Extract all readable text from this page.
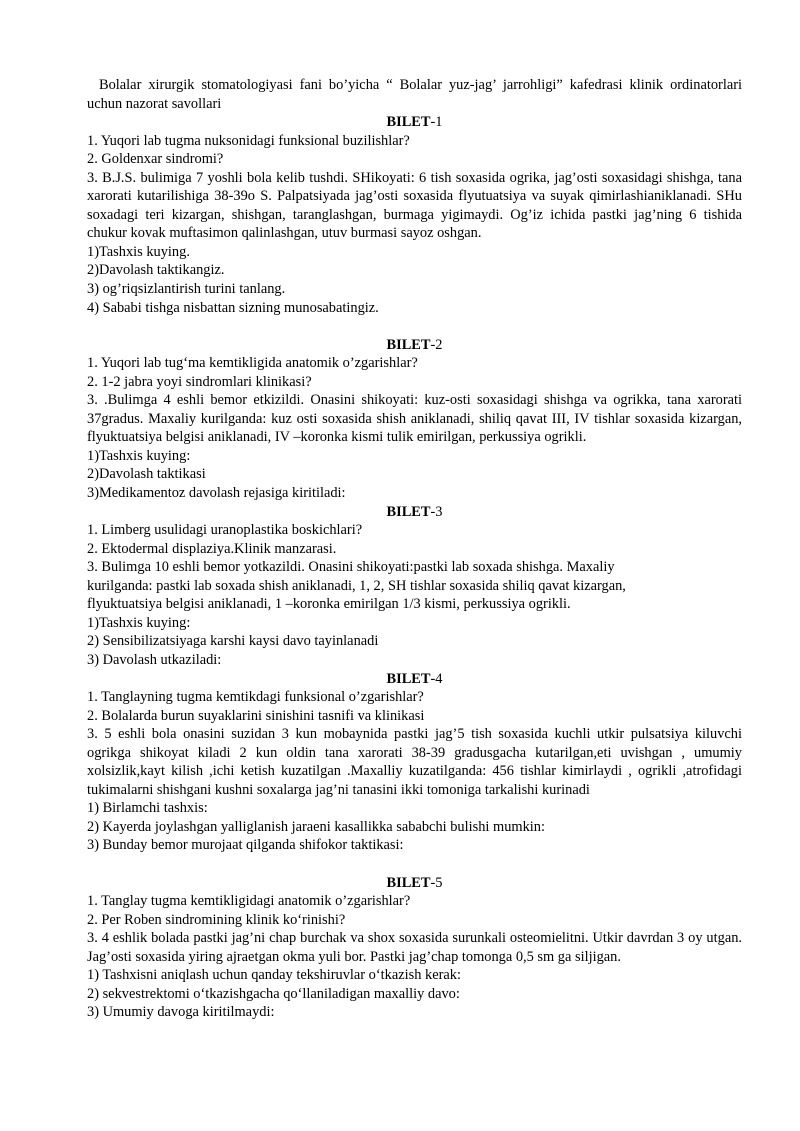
Bolalar xirurgik stomatologiyasi fani bo’yicha “ Bolalar yuz-jag’ jarrohligi” kafedrasi klinik ordinatorlari uchun nazorat savollari

BILET-1

1. Yuqori lab tugma nuksonidagi funksional buzilishlar?

2. Goldenxar sindromi?

3. B.J.S. bulimiga 7 yoshli bola kelib tushdi. SHikoyati: 6 tish soxasida ogrika, jag’osti soxasidagi shishga, tana xarorati kutarilishiga 38-39o S. Palpatsiyada jag’osti soxasida flyutuatsiya va suyak qimirlashianiklanadi. SHu soxadagi teri kizargan, shishgan, taranglashgan, burmaga yigimaydi. Og’iz ichida pastki jag’ning 6 tishida chukur kovak muftasimon qalinlashgan, utuv burmasi sayoz oshgan.

1)Tashxis kuying.

2)Davolash taktikangiz.

3) og’riqsizlantirish turini tanlang.

4) Sababi tishga nisbattan sizning munosabatingiz.

BILET-2

1. Yuqori lab tug‘ma kemtikligida anatomik o’zgarishlar?

2. 1-2 jabra yoyi sindromlari klinikasi?

3. .Bulimga 4 eshli bemor etkizildi. Onasini shikoyati: kuz-osti soxasidagi shishga va ogrikka, tana xarorati 37gradus. Maxaliy kurilganda: kuz osti soxasida shish aniklanadi, shiliq qavat III, IV tishlar soxasida kizargan, flyuktuatsiya belgisi aniklanadi, IV –koronka kismi tulik emirilgan, perkussiya ogrikli.

1)Tashxis kuying:

2)Davolash taktikasi

3)Medikamentoz davolash rejasiga kiritiladi:

BILET-3

1. Limberg usulidagi uranoplastika boskichlari?

2. Ektodermal displaziya.Klinik manzarasi.

3. Bulimga 10 eshli bemor yotkazildi. Onasini shikoyati:pastki lab soxada shishga. Maxaliy

kurilganda: pastki lab soxada shish aniklanadi, 1, 2, SH tishlar soxasida shiliq qavat kizargan,

flyuktuatsiya belgisi aniklanadi, 1 –koronka emirilgan 1/3 kismi, perkussiya ogrikli.

1)Tashxis kuying:

2) Sensibilizatsiyaga karshi kaysi davo tayinlanadi

3) Davolash utkaziladi:

BILET-4

1. Tanglayning tugma kemtikdagi funksional o’zgarishlar?

2. Bolalarda burun suyaklarini sinishini tasnifi va klinikasi

3. 5 eshli bola onasini suzidan 3 kun mobaynida pastki jag’5 tish soxasida kuchli utkir pulsatsiya kiluvchi ogrikga shikoyat kiladi 2 kun oldin tana xarorati 38-39 gradusgacha kutarilgan,eti uvishgan , umumiy xolsizlik,kayt kilish ,ichi ketish kuzatilgan .Maxalliy kuzatilganda: 456 tishlar kimirlaydi , ogrikli ,atrofidagi tukimalarni shishgani kushni soxalarga jag’ni tanasini ikki tomoniga tarkalishi kurinadi

1) Birlamchi tashxis:

2) Kayerda joylashgan yalliglanish jaraeni kasallikka sababchi bulishi mumkin:

3) Bunday bemor murojaat qilganda shifokor taktikasi:

BILET-5

1. Tanglay tugma kemtikligidagi anatomik o’zgarishlar?

2. Per Roben sindromining klinik ko‘rinishi?

3. 4 eshlik bolada pastki jag’ni chap burchak va shox soxasida surunkali osteomielitni. Utkir davrdan 3 oy utgan. Jag’osti soxasida yiring ajraetgan okma yuli bor. Pastki jag’chap tomonga 0,5 sm ga siljigan.

1) Tashxisni aniqlash uchun qanday tekshiruvlar o‘tkazish kerak:

2) sekvestrektomi o‘tkazishgacha qo‘llaniladigan maxalliy davo:

3) Umumiy davoga kiritilmaydi:
